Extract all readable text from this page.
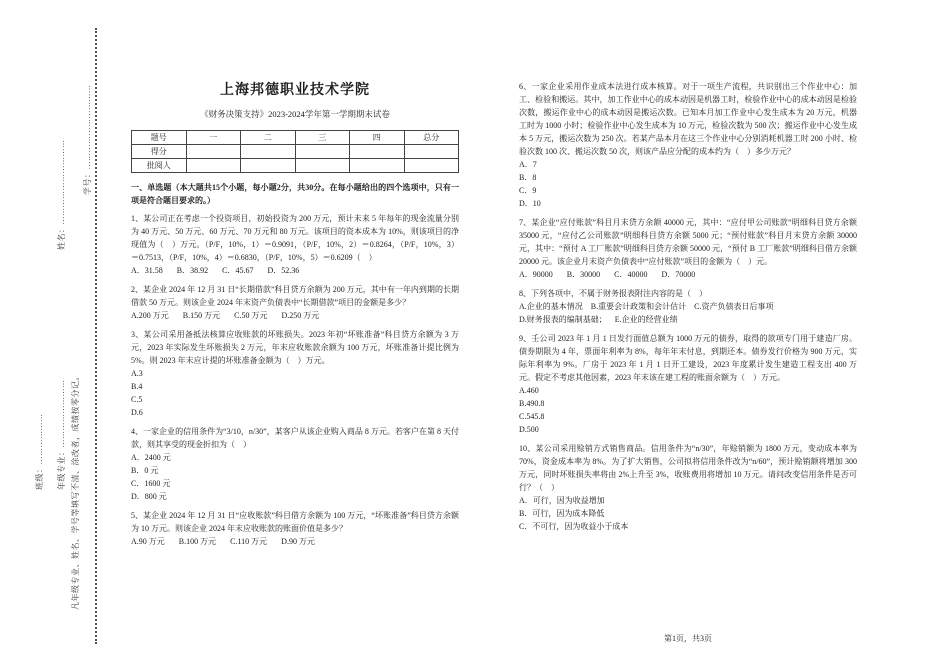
学号：…………………………
姓名：…………………………
凡年级专业、姓名、学号等填写不清、涂改者，成绩按零分记。
年级专业：……………………
班级：………………
上海邦德职业技术学院
《财务决策支持》2023-2024学年第一学期期末试卷
题号	一	二	三	四	总分
得分					
批阅人					
一、单选题（本大题共15个小题，每小题2分，共30分。在每小题给出的四个选项中，只有一项是符合题目要求的。）

1、某公司正在考虑一个投资项目，初始投资为 200 万元，预计未来 5 年每年的现金流量分别为 40 万元、50 万元、60 万元、70 万元和 80 万元。该项目的资本成本为 10%，则该项目的净现值为（　）万元。（P/F，10%，1）＝0.9091，（P/F，10%，2）＝0.8264，（P/F，10%，3）＝0.7513，（P/F，10%，4）＝0.6830，（P/F，10%，5）＝0.6209（　）

A．31.58 B．38.92 C．45.67 D．52.36

2、某企业 2024 年 12 月 31 日“长期借款”科目贷方余额为 200 万元，其中有一年内到期的长期借款 50 万元。则该企业 2024 年末资产负债表中“长期借款”项目的金额是多少？

A.200 万元 B.150 万元 C.50 万元 D.250 万元

3、某公司采用备抵法核算应收账款的坏账损失。2023 年初“坏账准备”科目贷方余额为 3 万元，2023 年实际发生坏账损失 2 万元，年末应收账款余额为 100 万元，坏账准备计提比例为 5%。则 2023 年末应计提的坏账准备金额为（　）万元。

A.3
B.4
C.5
D.6

4、一家企业的信用条件为“3/10，n/30”，某客户从该企业购入商品 8 万元。若客户在第 8 天付款，则其享受的现金折扣为（　）

A．2400 元
B．0 元
C．1600 元
D．800 元

5、某企业 2024 年 12 月 31 日“应收账款”科目借方余额为 100 万元，“坏账准备”科目贷方余额为 10 万元。则该企业 2024 年末应收账款的账面价值是多少？

A.90 万元 B.100 万元 C.110 万元 D.90 万元

6、一家企业采用作业成本法进行成本核算。对于一项生产流程，共识别出三个作业中心：加工、检验和搬运。其中，加工作业中心的成本动因是机器工时，检验作业中心的成本动因是检验次数，搬运作业中心的成本动因是搬运次数。已知本月加工作业中心发生成本为 20 万元，机器工时为 1000 小时；检验作业中心发生成本为 10 万元，检验次数为 500 次；搬运作业中心发生成本 5 万元，搬运次数为 250 次。若某产品本月在这三个作业中心分别消耗机器工时 200 小时、检验次数 100 次、搬运次数 50 次，则该产品应分配的成本约为（　）多少万元？

A．7
B．8
C．9
D．10

7、某企业“应付账款”科目月末贷方余额 40000 元，其中：“应付甲公司账款”明细科目贷方余额 35000 元，“应付乙公司账款”明细科目贷方余额 5000 元；“预付账款”科目月末贷方余额 30000 元，其中：“预付 A 工厂账款”明细科目贷方余额 50000 元，“预付 B 工厂账款”明细科目借方余额 20000 元。该企业月末资产负债表中“应付账款”项目的金额为（　）元。

A．90000 B．30000 C．40000 D．70000

8、下列各项中，不属于财务报表附注内容的是（　）

A.企业的基本情况 B.重要会计政策和会计估计 C.资产负债表日后事项 D.财务报表的编制基础； E.企业的经营业绩

9、壬公司 2023 年 1 月 1 日发行面值总额为 1000 万元的债券，取得的款项专门用于建造厂房。债券期限为 4 年，票面年利率为 8%，每年年末付息，到期还本。债券发行价格为 900 万元，实际年利率为 9%。厂房于 2023 年 1 月 1 日开工建设，2023 年度累计发生建造工程支出 400 万元。假定不考虑其他因素，2023 年末该在建工程的账面余额为（　）万元。

A.460
B.490.8
C.545.8
D.500

10、某公司采用赊销方式销售商品。信用条件为“n/30”，年赊销额为 1800 万元，变动成本率为 70%，资金成本率为 8%。为了扩大销售，公司拟将信用条件改为“n/60”，预计赊销额将增加 300 万元，同时坏账损失率将由 2%上升至 3%，收账费用将增加 10 万元。请问改变信用条件是否可行？（　）

A．可行，因为收益增加
B．可行，因为成本降低
C．不可行，因为收益小于成本
第1页，共3页
